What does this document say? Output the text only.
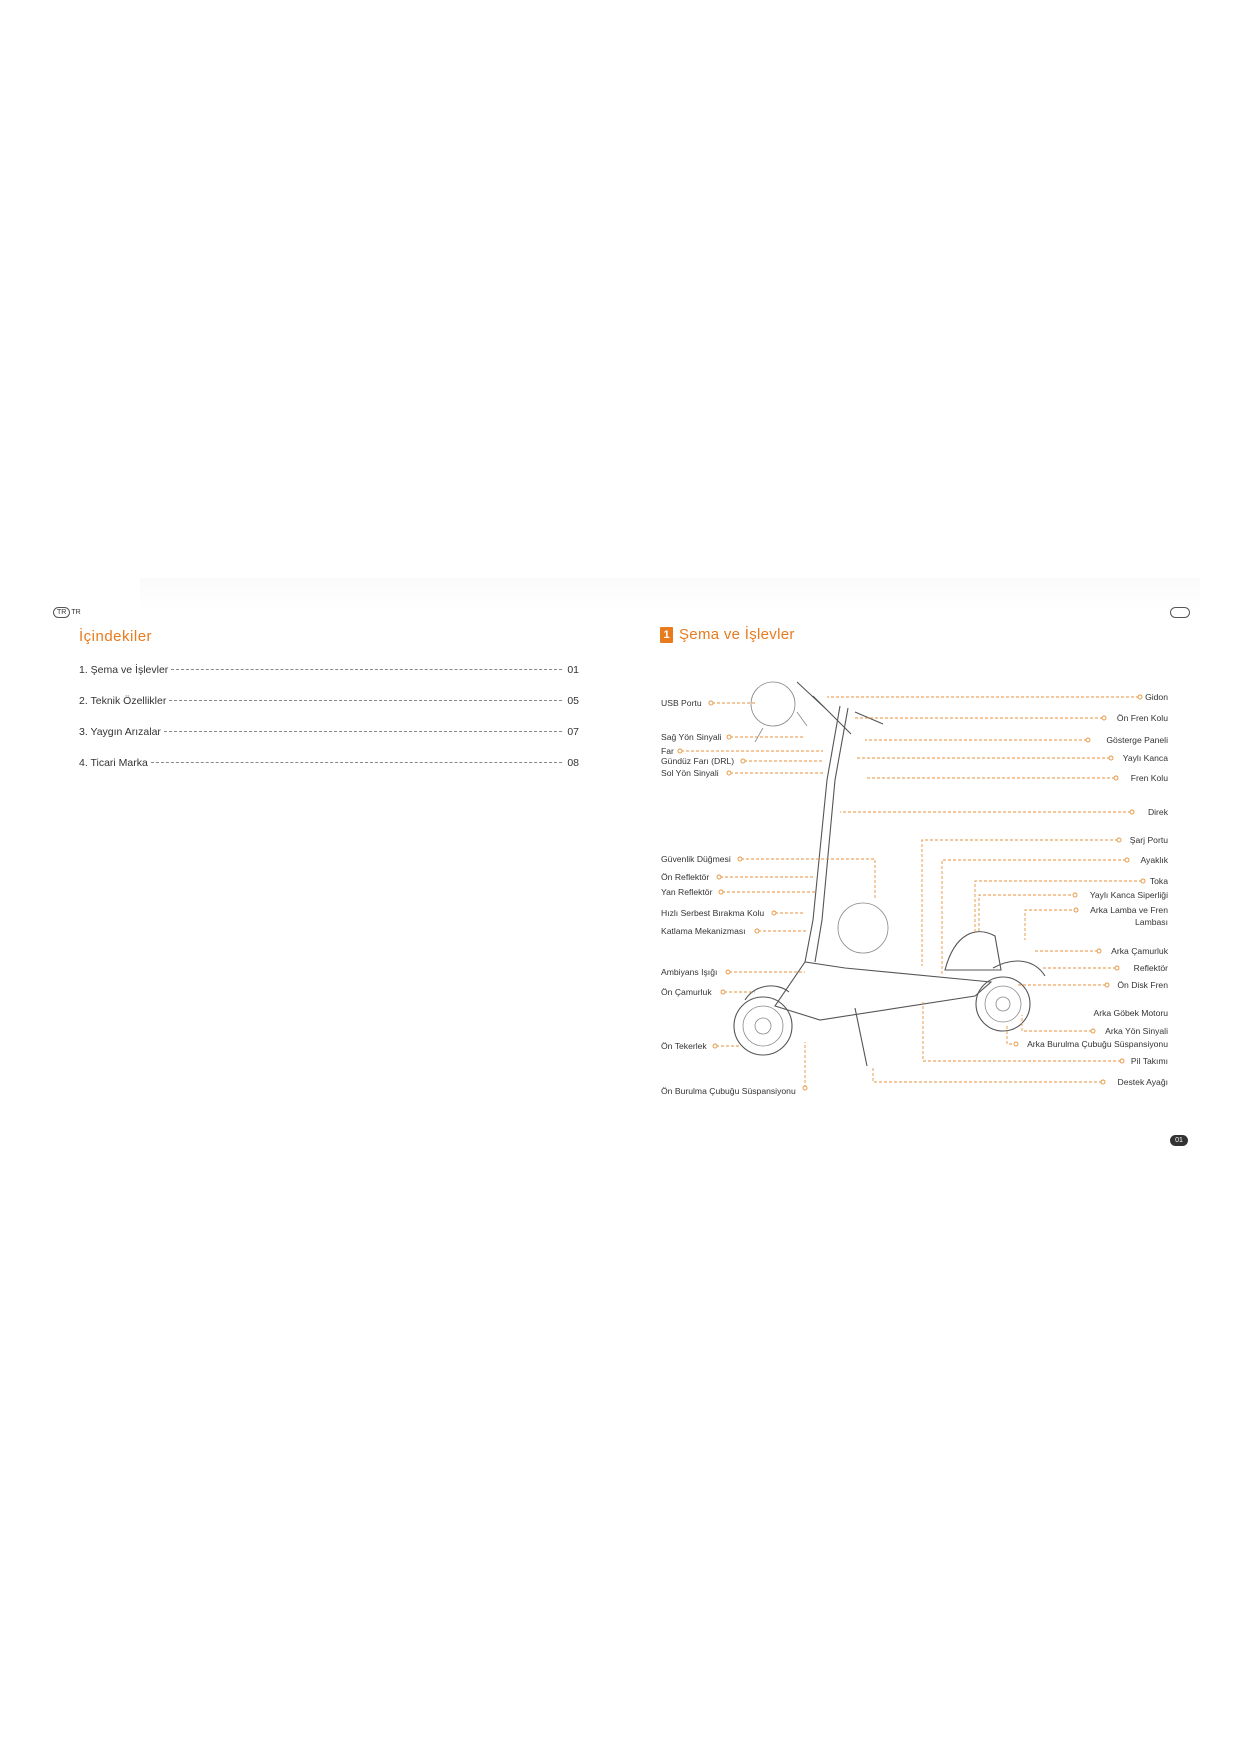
TR TR
İçindekiler
1. Şema ve İşlevler	01
2. Teknik Özellikler	05
3. Yaygın Arızalar	07
4. Ticari Marka	08
1 Şema ve İşlevler
USB Portu
Sağ Yön Sinyali
Far
Gündüz Farı (DRL)
Sol Yön Sinyali
Güvenlik Düğmesi
Ön Reflektör
Yan Reflektör
Hızlı Serbest Bırakma Kolu
Katlama Mekanizması
Ambiyans Işığı
Ön Çamurluk
Ön Tekerlek
Ön Burulma Çubuğu Süspansiyonu
Gidon
Ön Fren Kolu
Gösterge Paneli
Yaylı Kanca
Fren Kolu
Direk
Şarj Portu
Ayaklık
Toka
Yaylı Kanca Siperliği
Arka Lamba ve Fren
Lambası
Arka Çamurluk
Reflektör
Ön Disk Fren
Arka Göbek Motoru
Arka Yön Sinyali
Arka Burulma Çubuğu Süspansiyonu
Pil Takımı
Destek Ayağı
01
